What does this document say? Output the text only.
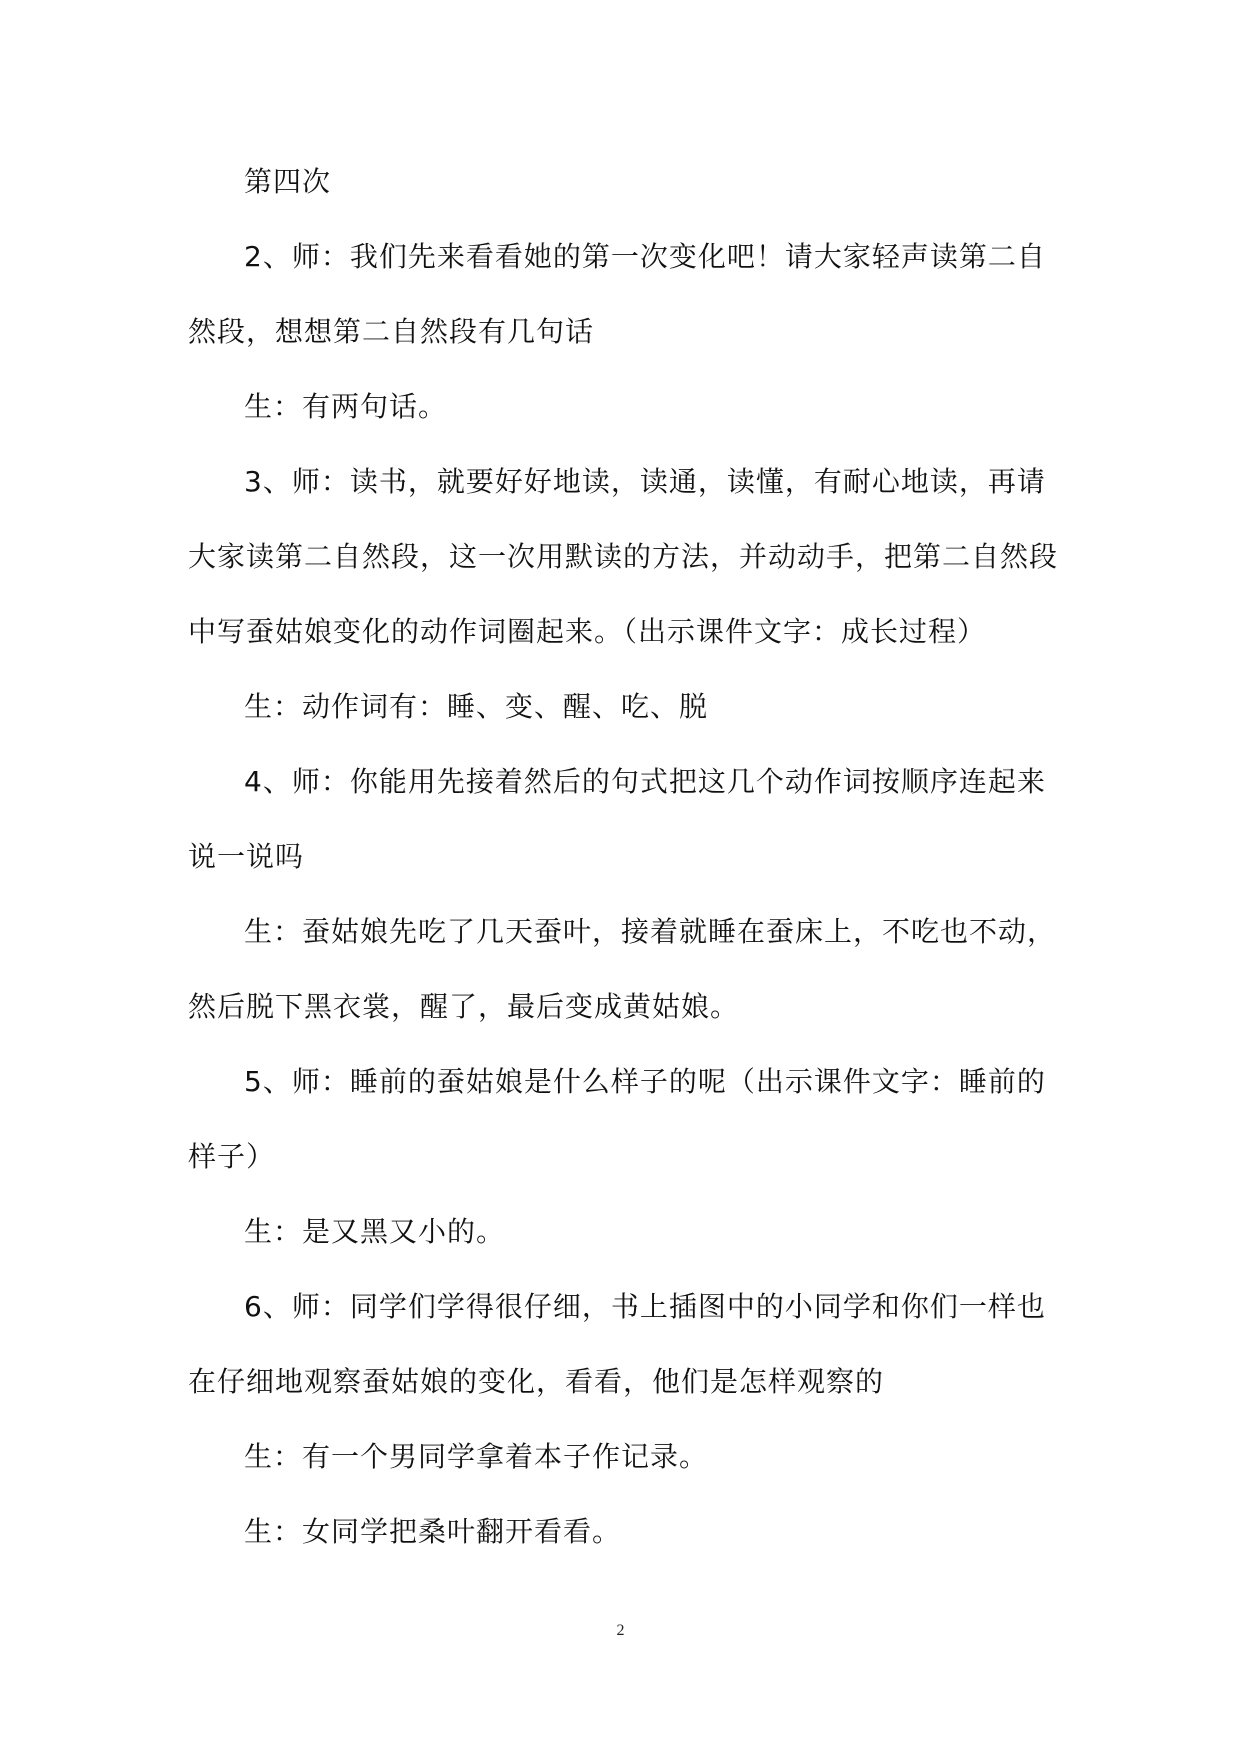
第四次

2、师：我们先来看看她的第一次变化吧！请大家轻声读第二自然段，想想第二自然段有几句话

生：有两句话。

3、师：读书，就要好好地读，读通，读懂，有耐心地读，再请大家读第二自然段，这一次用默读的方法，并动动手，把第二自然段中写蚕姑娘变化的动作词圈起来。（出示课件文字：成长过程）

生：动作词有：睡、变、醒、吃、脱

4、师：你能用先接着然后的句式把这几个动作词按顺序连起来说一说吗

生：蚕姑娘先吃了几天蚕叶，接着就睡在蚕床上，不吃也不动，然后脱下黑衣裳，醒了，最后变成黄姑娘。

5、师：睡前的蚕姑娘是什么样子的呢（出示课件文字：睡前的样子）

生：是又黑又小的。

6、师：同学们学得很仔细，书上插图中的小同学和你们一样也在仔细地观察蚕姑娘的变化，看看，他们是怎样观察的

生：有一个男同学拿着本子作记录。

生：女同学把桑叶翻开看看。

2
